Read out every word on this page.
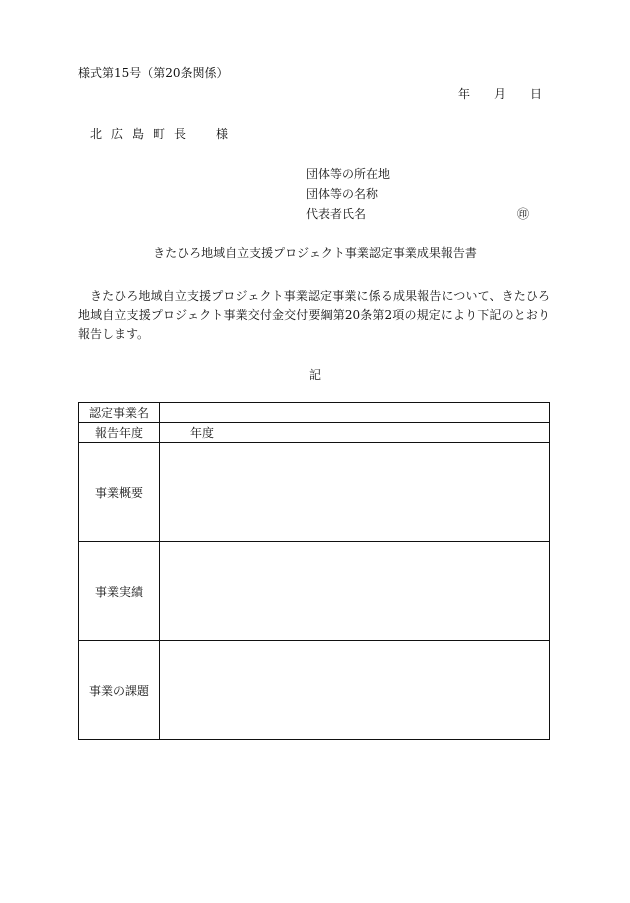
様式第15号（第20条関係）
年 月 日
北広島町長　様
団体等の所在地
団体等の名称
代表者氏名	㊞
きたひろ地域自立支援プロジェクト事業認定事業成果報告書
きたひろ地域自立支援プロジェクト事業認定事業に係る成果報告について、きたひろ地域自立支援プロジェクト事業交付金交付要綱第20条第2項の規定により下記のとおり報告します。
記
認定事業名	
報告年度	年度
事業概要	
事業実績	
事業の課題	
